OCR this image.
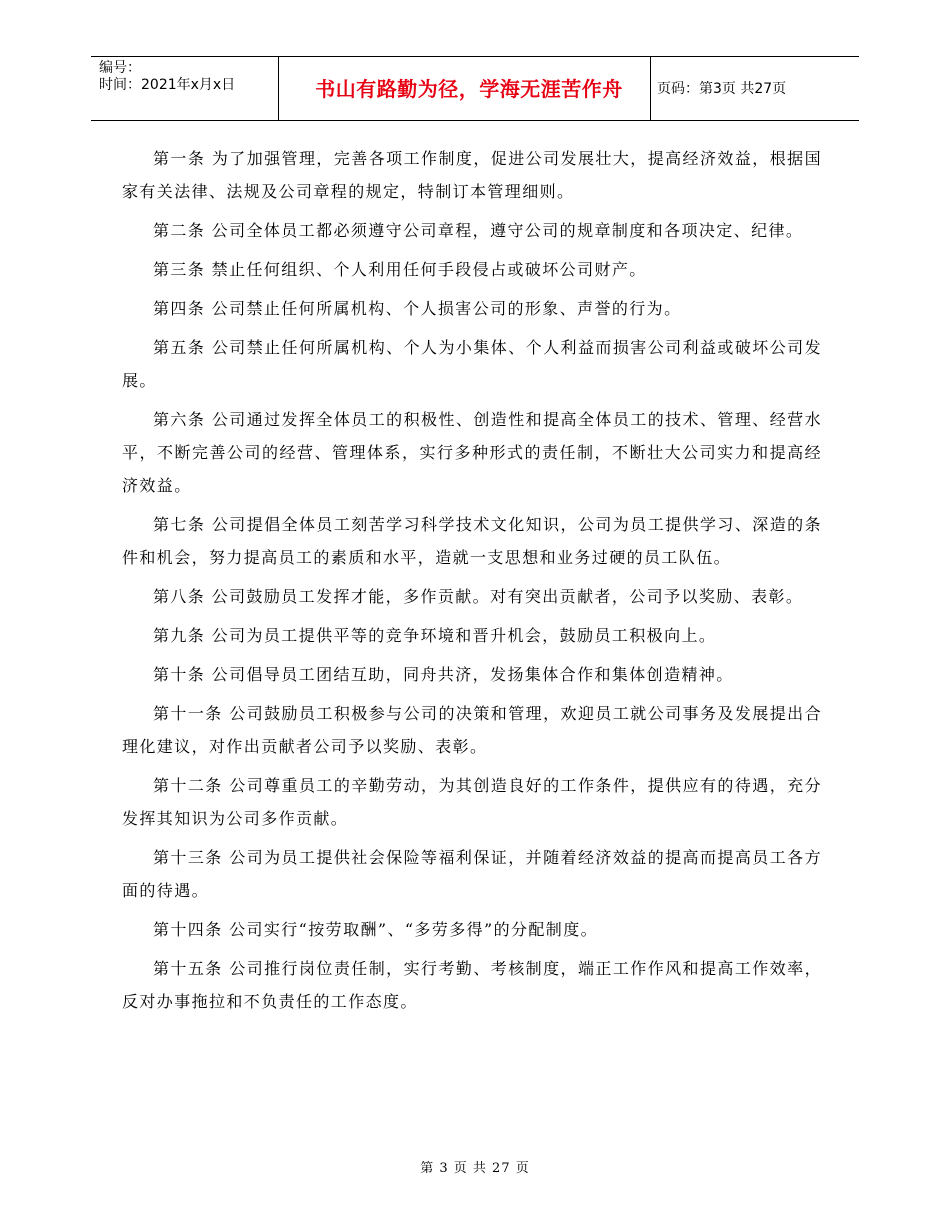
编号：
时间：2021年x月x日	书山有路勤为径，学海无涯苦作舟	页码：第3页 共27页

第一条 为了加强管理，完善各项工作制度，促进公司发展壮大，提高经济效益，根据国家有关法律、法规及公司章程的规定，特制订本管理细则。

第二条 公司全体员工都必须遵守公司章程，遵守公司的规章制度和各项决定、纪律。

第三条 禁止任何组织、个人利用任何手段侵占或破坏公司财产。

第四条 公司禁止任何所属机构、个人损害公司的形象、声誉的行为。

第五条 公司禁止任何所属机构、个人为小集体、个人利益而损害公司利益或破坏公司发展。

第六条 公司通过发挥全体员工的积极性、创造性和提高全体员工的技术、管理、经营水平，不断完善公司的经营、管理体系，实行多种形式的责任制，不断壮大公司实力和提高经济效益。

第七条 公司提倡全体员工刻苦学习科学技术文化知识，公司为员工提供学习、深造的条件和机会，努力提高员工的素质和水平，造就一支思想和业务过硬的员工队伍。

第八条 公司鼓励员工发挥才能，多作贡献。对有突出贡献者，公司予以奖励、表彰。

第九条 公司为员工提供平等的竞争环境和晋升机会，鼓励员工积极向上。

第十条 公司倡导员工团结互助，同舟共济，发扬集体合作和集体创造精神。

第十一条 公司鼓励员工积极参与公司的决策和管理，欢迎员工就公司事务及发展提出合理化建议，对作出贡献者公司予以奖励、表彰。

第十二条 公司尊重员工的辛勤劳动，为其创造良好的工作条件，提供应有的待遇，充分发挥其知识为公司多作贡献。

第十三条 公司为员工提供社会保险等福利保证，并随着经济效益的提高而提高员工各方面的待遇。

第十四条 公司实行“按劳取酬”、“多劳多得”的分配制度。

第十五条 公司推行岗位责任制，实行考勤、考核制度，端正工作作风和提高工作效率，反对办事拖拉和不负责任的工作态度。

第 3 页 共 27 页
